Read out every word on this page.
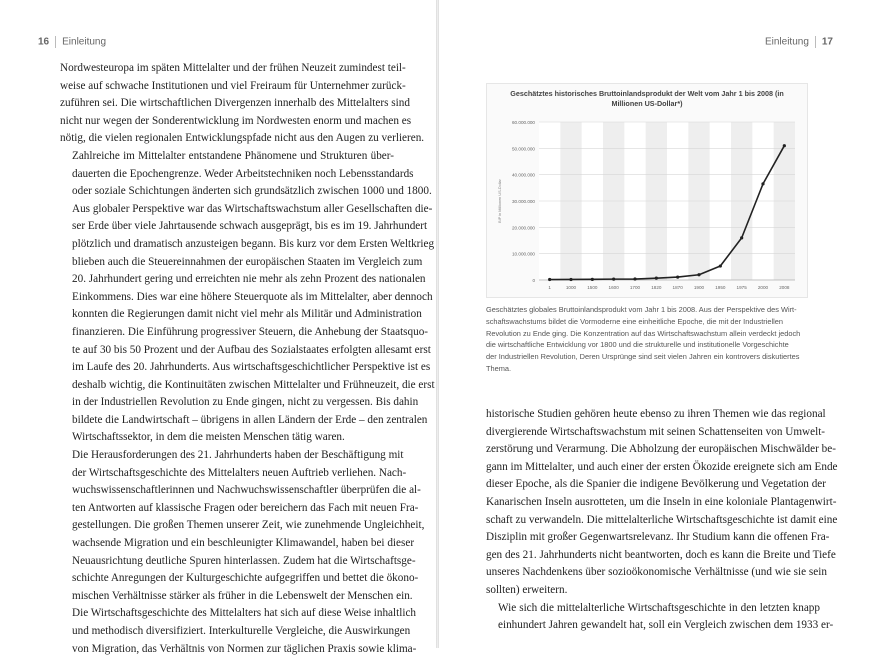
16 Einleitung

Nordwesteuropa im späten Mittelalter und der frühen Neuzeit zumindest teil-
weise auf schwache Institutionen und viel Freiraum für Unternehmer zurück-
zuführen sei. Die wirtschaftlichen Divergenzen innerhalb des Mittelalters sind
nicht nur wegen der Sonderentwicklung im Nordwesten enorm und machen es
nötig, die vielen regionalen Entwicklungspfade nicht aus den Augen zu verlieren.

Zahlreiche im Mittelalter entstandene Phänomene und Strukturen über-
dauerten die Epochengrenze. Weder Arbeitstechniken noch Lebensstandards
oder soziale Schichtungen änderten sich grundsätzlich zwischen 1000 und 1800.
Aus globaler Perspektive war das Wirtschaftswachstum aller Gesellschaften die-
ser Erde über viele Jahrtausende schwach ausgeprägt, bis es im 19. Jahrhundert
plötzlich und dramatisch anzusteigen begann. Bis kurz vor dem Ersten Weltkrieg
blieben auch die Steuereinnahmen der europäischen Staaten im Vergleich zum
20. Jahrhundert gering und erreichten nie mehr als zehn Prozent des nationalen
Einkommens. Dies war eine höhere Steuerquote als im Mittelalter, aber dennoch
konnten die Regierungen damit nicht viel mehr als Militär und Administration
finanzieren. Die Einführung progressiver Steuern, die Anhebung der Staatsquo-
te auf 30 bis 50 Prozent und der Aufbau des Sozialstaates erfolgten allesamt erst
im Laufe des 20. Jahrhunderts. Aus wirtschaftsgeschichtlicher Perspektive ist es
deshalb wichtig, die Kontinuitäten zwischen Mittelalter und Frühneuzeit, die erst
in der Industriellen Revolution zu Ende gingen, nicht zu vergessen. Bis dahin
bildete die Landwirtschaft – übrigens in allen Ländern der Erde – den zentralen
Wirtschaftssektor, in dem die meisten Menschen tätig waren.

Die Herausforderungen des 21. Jahrhunderts haben der Beschäftigung mit
der Wirtschaftsgeschichte des Mittelalters neuen Auftrieb verliehen. Nach-
wuchswissenschaftlerinnen und Nachwuchswissenschaftler überprüfen die al-
ten Antworten auf klassische Fragen oder bereichern das Fach mit neuen Fra-
gestellungen. Die großen Themen unserer Zeit, wie zunehmende Ungleichheit,
wachsende Migration und ein beschleunigter Klimawandel, haben bei dieser
Neuausrichtung deutliche Spuren hinterlassen. Zudem hat die Wirtschaftsge-
schichte Anregungen der Kulturgeschichte aufgegriffen und bettet die ökono-
mischen Verhältnisse stärker als früher in die Lebenswelt der Menschen ein.
Die Wirtschaftsgeschichte des Mittelalters hat sich auf diese Weise inhaltlich
und methodisch diversifiziert. Interkulturelle Vergleiche, die Auswirkungen
von Migration, das Verhältnis von Normen zur täglichen Praxis sowie klima-

Einleitung 17
Geschätztes historisches Bruttoinlandsprodukt der Welt vom Jahr 1 bis 2008 (in
Millionen US-Dollar*)
0
10.000.000
20.000.000
30.000.000
40.000.000
50.000.000
60.000.000
BIP in Millionen US-Dollar
1	1000 1500 1600 1700 1820 1870 1900 1950 1975 2000 2008
Geschätztes globales Bruttoinlandsprodukt vom Jahr 1 bis 2008. Aus der Perspektive des Wirt-
schaftswachstums bildet die Vormoderne eine einheitliche Epoche, die mit der Industriellen
Revolution zu Ende ging. Die Konzentration auf das Wirtschaftswachstum allein verdeckt jedoch
die wirtschaftliche Entwicklung vor 1800 und die strukturelle und institutionelle Vorgeschichte
der Industriellen Revolution, Deren Ursprünge sind seit vielen Jahren ein kontrovers diskutiertes
Thema.

historische Studien gehören heute ebenso zu ihren Themen wie das regional
divergierende Wirtschaftswachstum mit seinen Schattenseiten von Umwelt-
zerstörung und Verarmung. Die Abholzung der europäischen Mischwälder be-
gann im Mittelalter, und auch einer der ersten Ökozide ereignete sich am Ende
dieser Epoche, als die Spanier die indigene Bevölkerung und Vegetation der
Kanarischen Inseln ausrotteten, um die Inseln in eine koloniale Plantagenwirt-
schaft zu verwandeln. Die mittelalterliche Wirtschaftsgeschichte ist damit eine
Disziplin mit großer Gegenwartsrelevanz. Ihr Studium kann die offenen Fra-
gen des 21. Jahrhunderts nicht beantworten, doch es kann die Breite und Tiefe
unseres Nachdenkens über sozioökonomische Verhältnisse (und wie sie sein
sollten) erweitern.

Wie sich die mittelalterliche Wirtschaftsgeschichte in den letzten knapp
einhundert Jahren gewandelt hat, soll ein Vergleich zwischen dem 1933 er-
